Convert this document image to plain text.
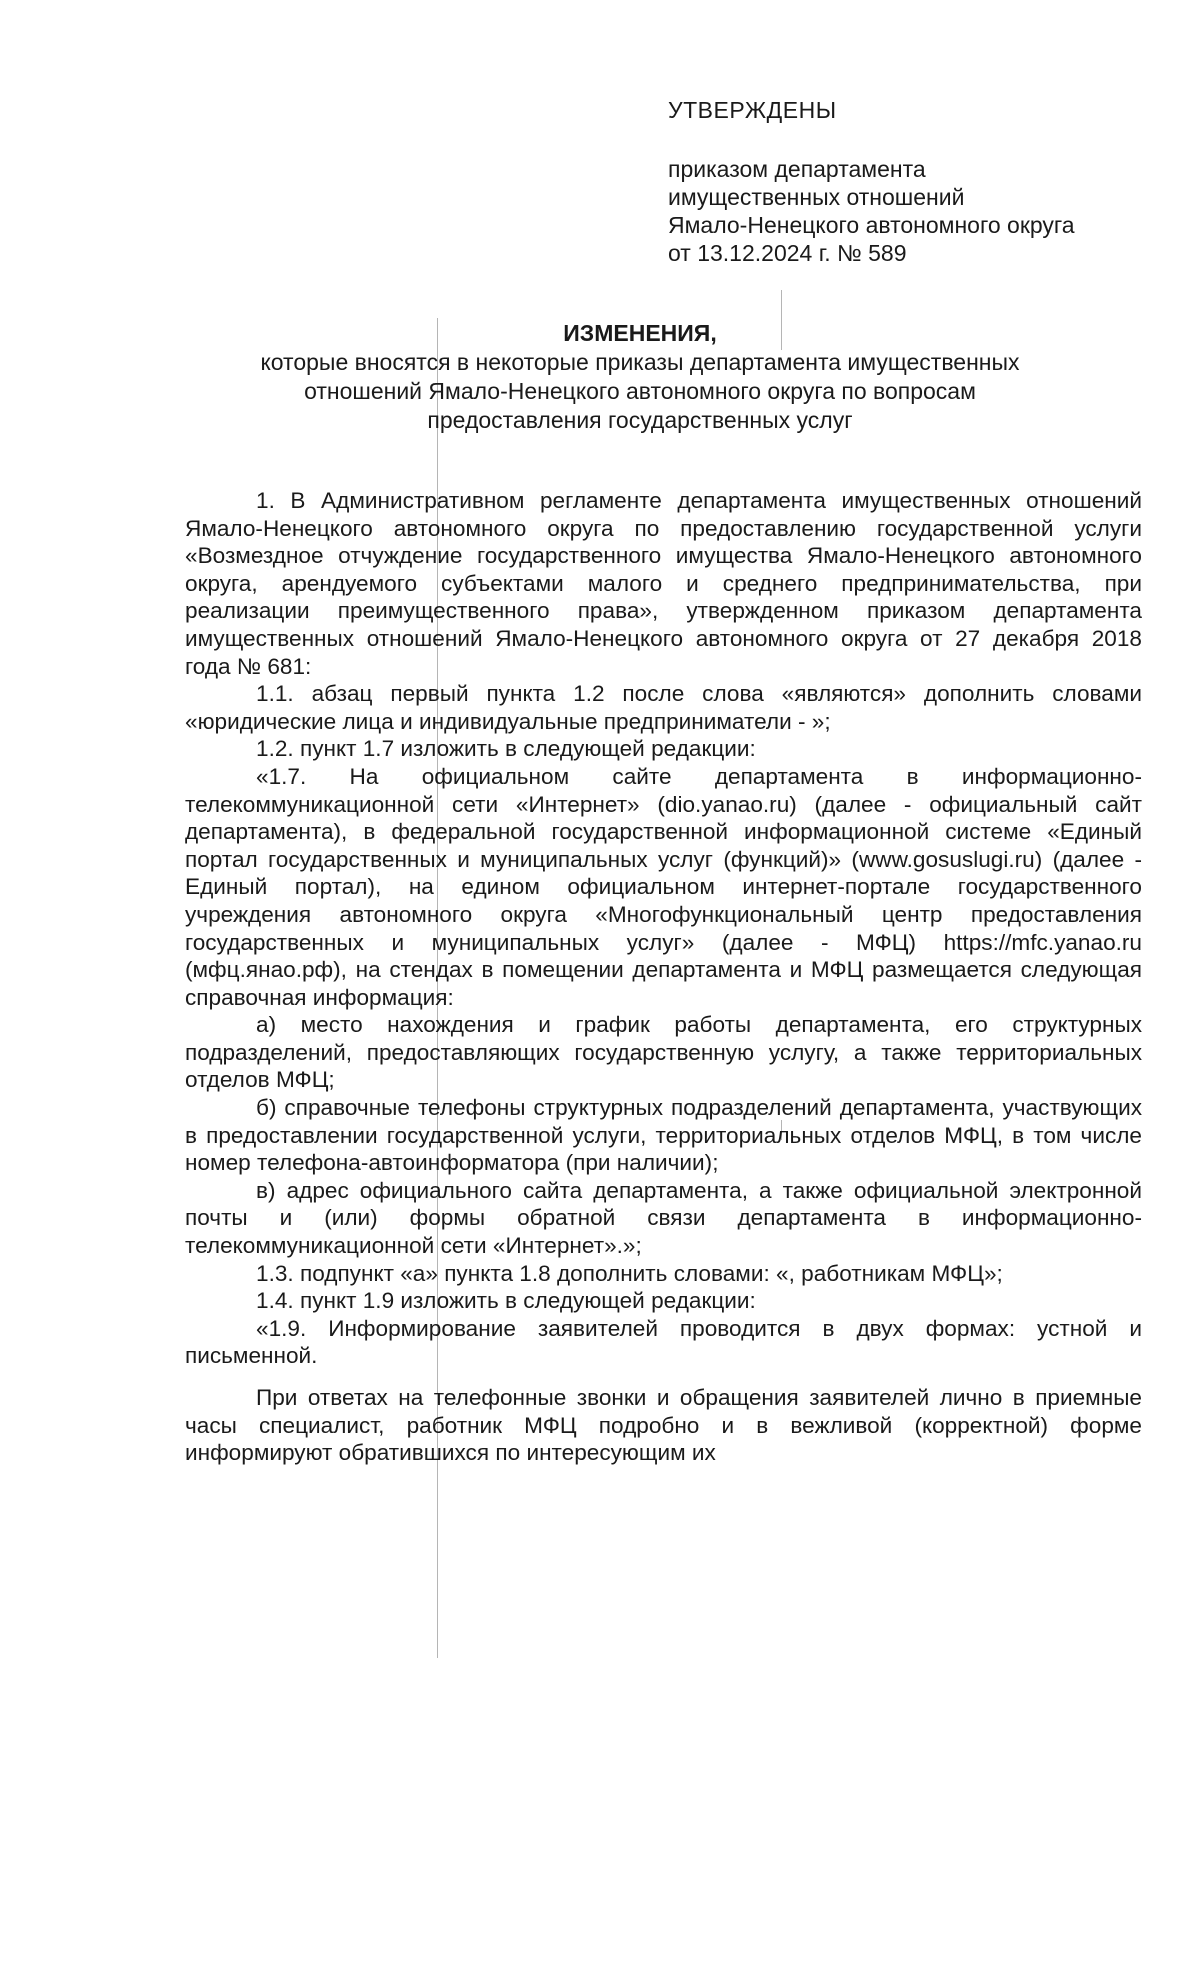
УТВЕРЖДЕНЫ
приказом департамента
имущественных отношений
Ямало-Ненецкого автономного округа
от 13.12.2024 г. № 589

ИЗМЕНЕНИЯ,

которые вносятся в некоторые приказы департамента имущественных

отношений Ямало-Ненецкого автономного округа по вопросам

предоставления государственных услуг

1. В Административном регламенте департамента имущественных отношений Ямало-Ненецкого автономного округа по предоставлению государственной услуги «Возмездное отчуждение государственного имущества Ямало-Ненецкого автономного округа, арендуемого субъектами малого и среднего предпринимательства, при реализации преимущественного права», утвержденном приказом департамента имущественных отношений Ямало-Ненецкого автономного округа от 27 декабря 2018 года № 681:

1.1. абзац первый пункта 1.2 после слова «являются» дополнить словами «юридические лица и индивидуальные предприниматели - »;

1.2. пункт 1.7 изложить в следующей редакции:

«1.7. На официальном сайте департамента в информационно-телекоммуникационной сети «Интернет» (dio.yanao.ru) (далее - официальный сайт департамента), в федеральной государственной информационной системе «Единый портал государственных и муниципальных услуг (функций)» (www.gosuslugi.ru) (далее - Единый портал), на едином официальном интернет-портале государственного учреждения автономного округа «Многофункциональный центр предоставления государственных и муниципальных услуг» (далее - МФЦ) https://mfc.yanao.ru (мфц.янао.рф), на стендах в помещении департамента и МФЦ размещается следующая справочная информация:

а) место нахождения и график работы департамента, его структурных подразделений, предоставляющих государственную услугу, а также территориальных отделов МФЦ;

б) справочные телефоны структурных подразделений департамента, участвующих в предоставлении государственной услуги, территориальных отделов МФЦ, в том числе номер телефона-автоинформатора (при наличии);

в) адрес официального сайта департамента, а также официальной электронной почты и (или) формы обратной связи департамента в информационно-телекоммуникационной сети «Интернет».»;

1.3. подпункт «а» пункта 1.8 дополнить словами: «, работникам МФЦ»;

1.4. пункт 1.9 изложить в следующей редакции:

«1.9. Информирование заявителей проводится в двух формах: устной и письменной.

При ответах на телефонные звонки и обращения заявителей лично в приемные часы специалист, работник МФЦ подробно и в вежливой (корректной) форме информируют обратившихся по интересующим их
